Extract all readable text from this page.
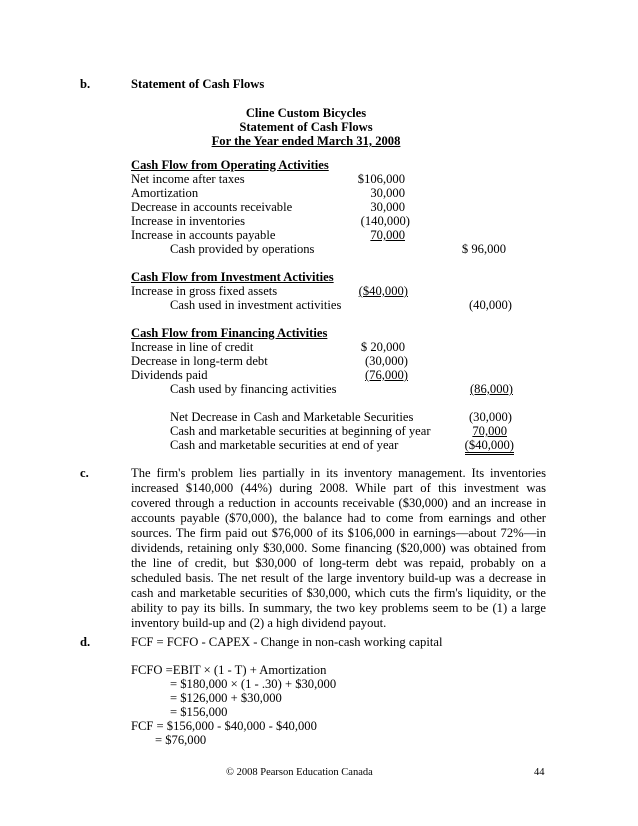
b.	Statement of Cash Flows
Cline Custom Bicycles
Statement of Cash Flows
For the Year ended March 31, 2008
Cash Flow from Operating Activities
Net income after taxes	$106,000
Amortization	30,000
Decrease in accounts receivable	30,000
Increase in inventories	(140,000)
Increase in accounts payable	70,000
Cash provided by operations	$ 96,000
Cash Flow from Investment Activities
Increase in gross fixed assets	($40,000)
Cash used in investment activities	(40,000)
Cash Flow from Financing Activities
Increase in line of credit	$ 20,000
Decrease in long-term debt	(30,000)
Dividends paid	(76,000)
Cash used by financing activities	(86,000)
Net Decrease in Cash and Marketable Securities	(30,000)
Cash and marketable securities at beginning of year	70,000
Cash and marketable securities at end of year	($40,000)
c.	The firm's problem lies partially in its inventory management. Its inventories
increased $140,000 (44%) during 2008. While part of this investment was
covered through a reduction in accounts receivable ($30,000) and an increase in
accounts payable ($70,000), the balance had to come from earnings and other
sources. The firm paid out $76,000 of its $106,000 in earnings—about 72%—in
dividends, retaining only $30,000. Some financing ($20,000) was obtained from
the line of credit, but $30,000 of long-term debt was repaid, probably on a
scheduled basis. The net result of the large inventory build-up was a decrease in
cash and marketable securities of $30,000, which cuts the firm's liquidity, or the
ability to pay its bills. In summary, the two key problems seem to be (1) a large
inventory build-up and (2) a high dividend payout.
d.	FCF = FCFO - CAPEX - Change in non-cash working capital
FCFO =EBIT × (1 - T) + Amortization
= $180,000 × (1 - .30) + $30,000
= $126,000 + $30,000
= $156,000
FCF = $156,000 - $40,000 - $40,000
= $76,000
© 2008 Pearson Education Canada	44
